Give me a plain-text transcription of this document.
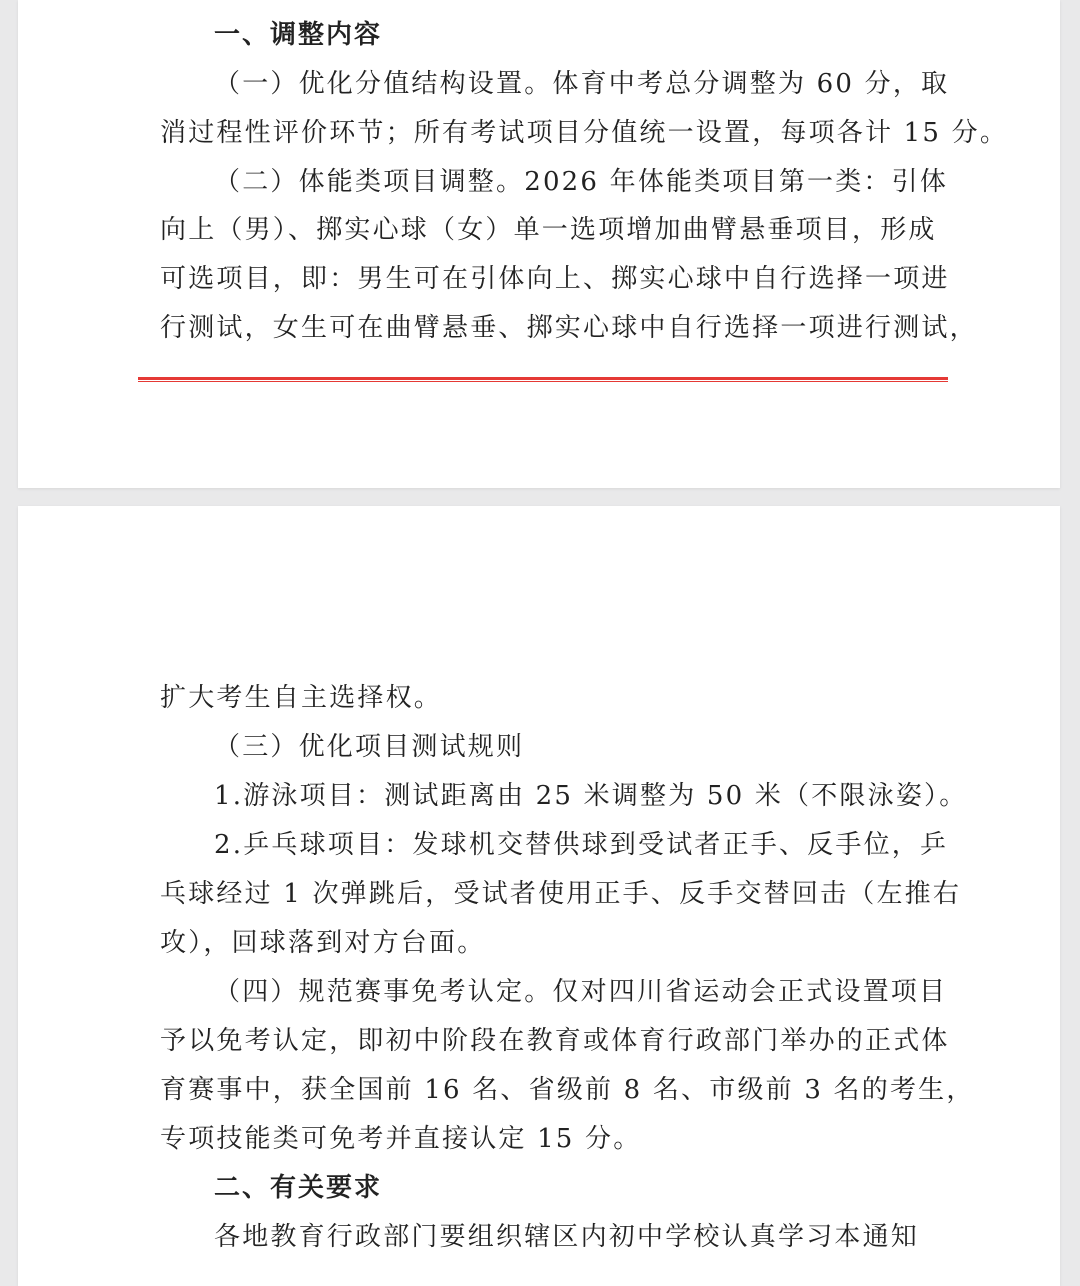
一、调整内容
（一）优化分值结构设置。体育中考总分调整为 60 分，取
消过程性评价环节；所有考试项目分值统一设置，每项各计 15 分。
（二）体能类项目调整。2026 年体能类项目第一类：引体
向上（男）、掷实心球（女）单一选项增加曲臂悬垂项目，形成
可选项目，即：男生可在引体向上、掷实心球中自行选择一项进
行测试，女生可在曲臂悬垂、掷实心球中自行选择一项进行测试，
扩大考生自主选择权。
（三）优化项目测试规则
1.游泳项目：测试距离由 25 米调整为 50 米（不限泳姿）。
2.乒乓球项目：发球机交替供球到受试者正手、反手位，乒
乓球经过 1 次弹跳后，受试者使用正手、反手交替回击（左推右
攻），回球落到对方台面。
（四）规范赛事免考认定。仅对四川省运动会正式设置项目
予以免考认定，即初中阶段在教育或体育行政部门举办的正式体
育赛事中，获全国前 16 名、省级前 8 名、市级前 3 名的考生，
专项技能类可免考并直接认定 15 分。
二、有关要求
各地教育行政部门要组织辖区内初中学校认真学习本通知
